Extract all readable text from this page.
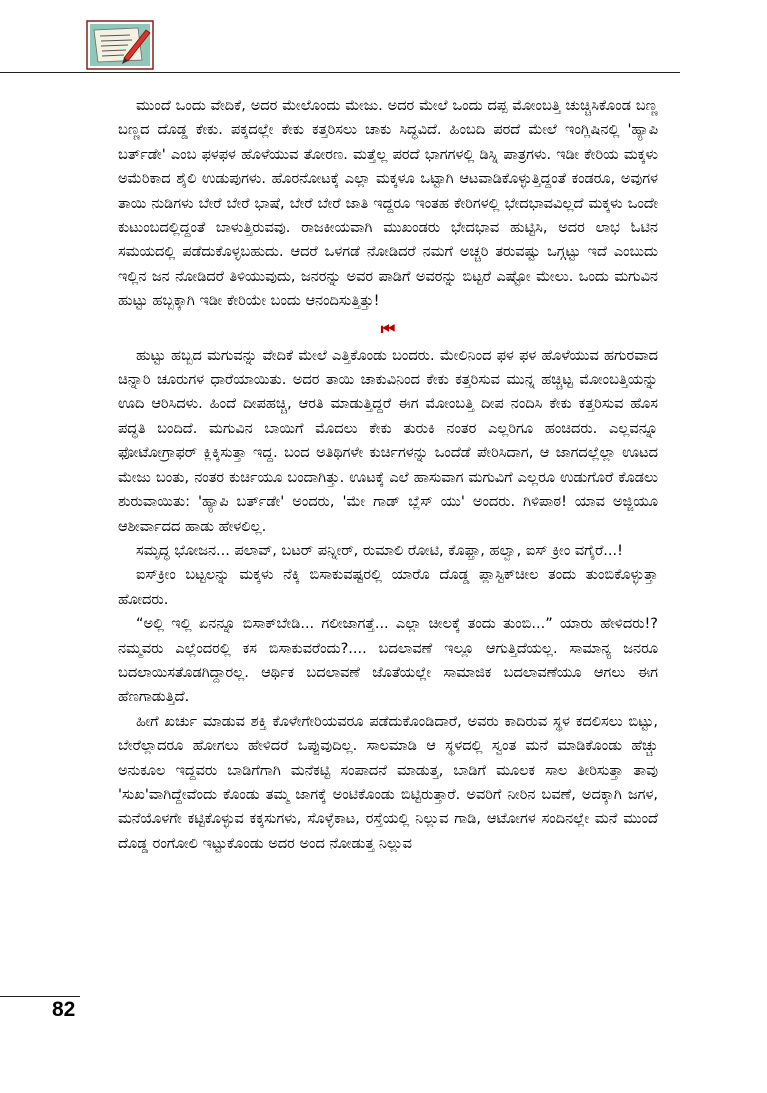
ಮುಂದೆ ಒಂದು ವೇದಿಕೆ, ಅದರ ಮೇಲೊಂದು ಮೇಜು. ಅದರ ಮೇಲೆ ಒಂದು ದಪ್ಪ ಮೋಂಬತ್ತಿ ಚುಚ್ಚಿಸಿಕೊಂಡ ಬಣ್ಣ ಬಣ್ಣದ ದೊಡ್ಡ ಕೇಕು. ಪಕ್ಕದಲ್ಲೇ ಕೇಕು ಕತ್ತರಿಸಲು ಚಾಕು ಸಿದ್ಧವಿದೆ. ಹಿಂಬದಿ ಪರದೆ ಮೇಲೆ ಇಂಗ್ಲಿಷಿನಲ್ಲಿ 'ಹ್ಯಾಪಿ ಬರ್ತ್‌ಡೇ' ಎಂಬ ಫಳಫಳ ಹೊಳೆಯುವ ತೋರಣ. ಮತ್ತೆಲ್ಲ ಪರದೆ ಭಾಗಗಳಲ್ಲಿ ಡಿಸ್ನಿ ಪಾತ್ರಗಳು. ಇಡೀ ಕೇರಿಯ ಮಕ್ಕಳು ಅಮೆರಿಕಾದ ಶೈಲಿ ಉಡುಪುಗಳು. ಹೊರನೋಟಕ್ಕೆ ಎಲ್ಲಾ ಮಕ್ಕಳೂ ಒಟ್ಟಾಗಿ ಆಟವಾಡಿಕೊಳ್ಳುತ್ತಿದ್ದಂತೆ ಕಂಡರೂ, ಅವುಗಳ ತಾಯಿ ನುಡಿಗಳು ಬೇರೆ ಬೇರೆ ಭಾಷೆ, ಬೇರೆ ಬೇರೆ ಜಾತಿ ಇದ್ದರೂ ಇಂತಹ ಕೇರಿಗಳಲ್ಲಿ ಭೇದಭಾವವಿಲ್ಲದೆ ಮಕ್ಕಳು ಒಂದೇ ಕುಟುಂಬದಲ್ಲಿದ್ದಂತೆ ಬಾಳುತ್ತಿರುವವು. ರಾಜಕೀಯವಾಗಿ ಮುಖಂಡರು ಭೇದಭಾವ ಹುಟ್ಟಿಸಿ, ಅದರ ಲಾಭ ಓಟಿನ ಸಮಯದಲ್ಲಿ ಪಡೆದುಕೊಳ್ಳಬಹುದು. ಆದರೆ ಒಳಗಡೆ ನೋಡಿದರೆ ನಮಗೆ ಅಚ್ಚರಿ ತರುವಷ್ಟು ಒಗ್ಗಟ್ಟು ಇದೆ ಎಂಬುದು ಇಲ್ಲಿನ ಜನ ನೋಡಿದರೆ ತಿಳಿಯುವುದು, ಜನರನ್ನು ಅವರ ಪಾಡಿಗೆ ಅವರನ್ನು ಬಿಟ್ಟರೆ ಎಷ್ಟೋ ಮೇಲು. ಒಂದು ಮಗುವಿನ ಹುಟ್ಟು ಹಬ್ಬಕ್ಕಾಗಿ ಇಡೀ ಕೇರಿಯೇ ಬಂದು ಆನಂದಿಸುತ್ತಿತ್ತು!

⏮

ಹುಟ್ಟು ಹಬ್ಬದ ಮಗುವನ್ನು ವೇದಿಕೆ ಮೇಲೆ ಎತ್ತಿಕೊಂಡು ಬಂದರು. ಮೇಲಿನಿಂದ ಫಳ ಫಳ ಹೊಳೆಯುವ ಹಗುರವಾದ ಚಿನ್ನಾರಿ ಚೂರುಗಳ ಧಾರೆಯಾಯಿತು. ಅದರ ತಾಯಿ ಚಾಕುವಿನಿಂದ ಕೇಕು ಕತ್ತರಿಸುವ ಮುನ್ನ ಹಚ್ಚಿಟ್ಟ ಮೋಂಬತ್ತಿಯನ್ನು ಊದಿ ಆರಿಸಿದಳು. ಹಿಂದೆ ದೀಪಹಚ್ಚಿ, ಆರತಿ ಮಾಡುತ್ತಿದ್ದರೆ ಈಗ ಮೋಂಬತ್ತಿ ದೀಪ ನಂದಿಸಿ ಕೇಕು ಕತ್ತರಿಸುವ ಹೊಸ ಪದ್ಧತಿ ಬಂದಿದೆ. ಮಗುವಿನ ಬಾಯಿಗೆ ಮೊದಲು ಕೇಕು ತುರುಕಿ ನಂತರ ಎಲ್ಲರಿಗೂ ಹಂಚಿದರು. ಎಲ್ಲವನ್ನೂ ಫೋಟೋಗ್ರಾಫರ್ ಕ್ಲಿಕ್ಕಿಸುತ್ತಾ ಇದ್ದ. ಬಂದ ಅತಿಥಿಗಳೇ ಕುರ್ಚಿಗಳನ್ನು ಒಂದೆಡೆ ಪೇರಿಸಿದಾಗ, ಆ ಜಾಗದಲ್ಲೆಲ್ಲಾ ಊಟದ ಮೇಜು ಬಂತು, ನಂತರ ಕುರ್ಚಿಯೂ ಬಂದಾಗಿತ್ತು. ಊಟಕ್ಕೆ ಎಲೆ ಹಾಸುವಾಗ ಮಗುವಿಗೆ ಎಲ್ಲರೂ ಉಡುಗೊರೆ ಕೊಡಲು ಶುರುವಾಯಿತು: 'ಹ್ಯಾಪಿ ಬರ್ತ್‌ಡೇ' ಅಂದರು, 'ಮೇ ಗಾಡ್ ಬ್ಲೆಸ್ ಯು' ಅಂದರು. ಗಿಳಿಪಾಠ! ಯಾವ ಅಜ್ಜಿಯೂ ಆಶೀರ್ವಾದದ ಹಾಡು ಹೇಳಲಿಲ್ಲ.

ಸಮೃದ್ಧ ಭೋಜನ... ಪಲಾವ್, ಬಟರ್ ಪನ್ನೀರ್, ರುಮಾಲಿ ರೋಟಿ, ಕೊಫ್ತಾ, ಹಲ್ವಾ, ಐಸ್ ಕ್ರೀಂ ವಗೈರೆ...!

ಐಸ್‌ಕ್ರೀಂ ಬಟ್ಟಲನ್ನು ಮಕ್ಕಳು ನೆಕ್ಕಿ ಬಿಸಾಕುವಷ್ಟರಲ್ಲಿ ಯಾರೊ ದೊಡ್ಡ ಪ್ಲಾಸ್ಟಿಕ್‌ಚೀಲ ತಂದು ತುಂಬಿಕೊಳ್ಳುತ್ತಾ ಹೋದರು.

“ಅಲ್ಲಿ ಇಲ್ಲಿ ಏನನ್ನೂ ಬಿಸಾಕ್‌ಬೇಡಿ... ಗಲೀಜಾಗತ್ತೆ... ಎಲ್ಲಾ ಚೀಲಕ್ಕೆ ತಂದು ತುಂಬಿ...” ಯಾರು ಹೇಳಿದರು!? ನಮ್ಮವರು ಎಲ್ಲೆಂದರಲ್ಲಿ ಕಸ ಬಿಸಾಕುವರೆಂದು?.... ಬದಲಾವಣೆ ಇಲ್ಲೂ ಆಗುತ್ತಿದೆಯಲ್ಲ. ಸಾಮಾನ್ಯ ಜನರೂ ಬದಲಾಯಿಸತೊಡಗಿದ್ದಾರಲ್ಲ. ಆರ್ಥಿಕ ಬದಲಾವಣೆ ಜೊತೆಯಲ್ಲೇ ಸಾಮಾಜಿಕ ಬದಲಾವಣೆಯೂ ಆಗಲು ಈಗ ಹೆಣಗಾಡುತ್ತಿದೆ.

ಹೀಗೆ ಖರ್ಚು ಮಾಡುವ ಶಕ್ತಿ ಕೊಳೇಗೇರಿಯವರೂ ಪಡೆದುಕೊಂಡಿದಾರೆ, ಅವರು ಕಾದಿರುವ ಸ್ಥಳ ಕದಲಿಸಲು ಬಿಟ್ಟು, ಬೇರೆಲ್ಲಾದರೂ ಹೋಗಲು ಹೇಳಿದರೆ ಒಪ್ಪುವುದಿಲ್ಲ. ಸಾಲಮಾಡಿ ಆ ಸ್ಥಳದಲ್ಲಿ ಸ್ವಂತ ಮನೆ ಮಾಡಿಕೊಂಡು ಹೆಚ್ಚು ಅನುಕೂಲ ಇದ್ದವರು ಬಾಡಿಗೆಗಾಗಿ ಮನೆಕಟ್ಟಿ ಸಂಪಾದನೆ ಮಾಡುತ್ತ, ಬಾಡಿಗೆ ಮೂಲಕ ಸಾಲ ತೀರಿಸುತ್ತಾ ತಾವು 'ಸುಖ'ವಾಗಿದ್ದೇವೆಂದು ಕೊಂಡು ತಮ್ಮ ಜಾಗಕ್ಕೆ ಅಂಟಿಕೊಂಡು ಬಿಟ್ಟಿರುತ್ತಾರೆ. ಅವರಿಗೆ ನೀರಿನ ಬವಣೆ, ಅದಕ್ಕಾಗಿ ಜಗಳ, ಮನೆಯೊಳಗೇ ಕಟ್ಟಿಕೊಳ್ಳುವ ಕಕ್ಕಸುಗಳು, ಸೊಳ್ಳೆಕಾಟ, ರಸ್ತೆಯಲ್ಲಿ ನಿಲ್ಲುವ ಗಾಡಿ, ಆಟೋಗಳ ಸಂದಿನಲ್ಲೇ ಮನೆ ಮುಂದೆ ದೊಡ್ಡ ರಂಗೋಲಿ ಇಟ್ಟುಕೊಂಡು ಅದರ ಅಂದ ನೋಡುತ್ತ ನಿಲ್ಲುವ

82
